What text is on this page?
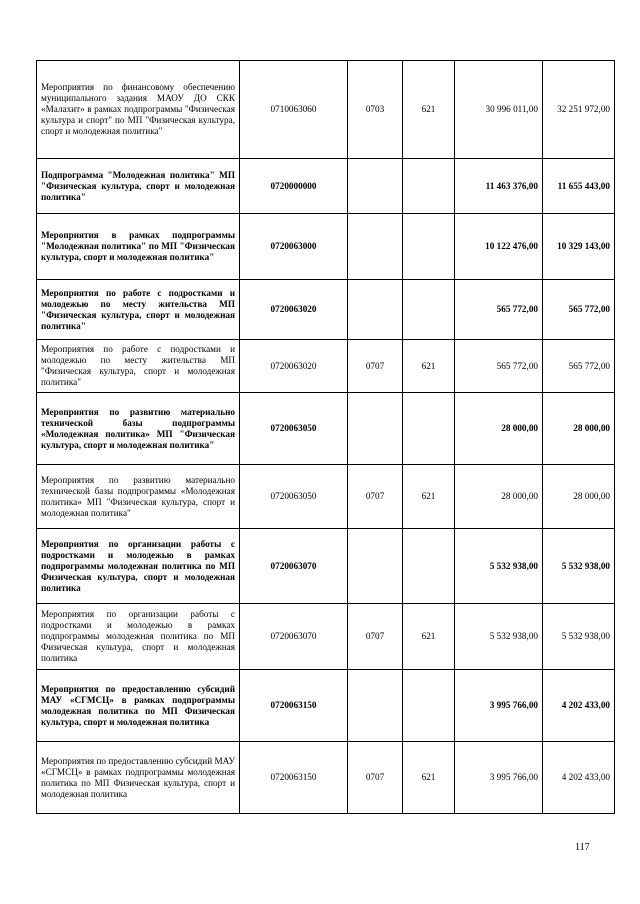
Мероприятия по финансовому обеспечению муниципального задания МАОУ ДО СКК «Малахит» в рамках подпрограммы "Физическая культура и спорт" по МП "Физическая культура, спорт и молодежная политика"	0710063060	0703	621	30 996 011,00	32 251 972,00
Подпрограмма "Молодежная политика" МП "Физическая культура, спорт и молодежная политика"	0720000000			11 463 376,00	11 655 443,00
Мероприятия в рамках подпрограммы "Молодежная политика" по МП "Физическая культура, спорт и молодежная политика"	0720063000			10 122 476,00	10 329 143,00
Мероприятия по работе с подростками и молодежью по месту жительства МП "Физическая культура, спорт и молодежная политика"	0720063020			565 772,00	565 772,00
Мероприятия по работе с подростками и молодежью по месту жительства МП "Физическая культура, спорт и молодежная политика"	0720063020	0707	621	565 772,00	565 772,00
Мероприятия по развитию материально технической базы подпрограммы «Молодежная политика» МП "Физическая культура, спорт и молодежная политика"	0720063050			28 000,00	28 000,00
Мероприятия по развитию материально технической базы подпрограммы «Молодежная политика» МП "Физическая культура, спорт и молодежная политика"	0720063050	0707	621	28 000,00	28 000,00
Мероприятия по организации работы с подростками и молодежью в рамках подпрограммы молодежная политика по МП Физическая культура, спорт и молодежная политика	0720063070			5 532 938,00	5 532 938,00
Мероприятия по организации работы с подростками и молодежью в рамках подпрограммы молодежная политика по МП Физическая культура, спорт и молодежная политика	0720063070	0707	621	5 532 938,00	5 532 938,00
Мероприятия по предоставлению субсидий МАУ «СГМСЦ» в рамках подпрограммы молодежная политика по МП Физическая культура, спорт и молодежная политика	0720063150			3 995 766,00	4 202 433,00
Мероприятия по предоставлению субсидий МАУ «СГМСЦ» в рамках подпрограммы молодежная политика по МП Физическая культура, спорт и молодежная политика	0720063150	0707	621	3 995 766,00	4 202 433,00
117
